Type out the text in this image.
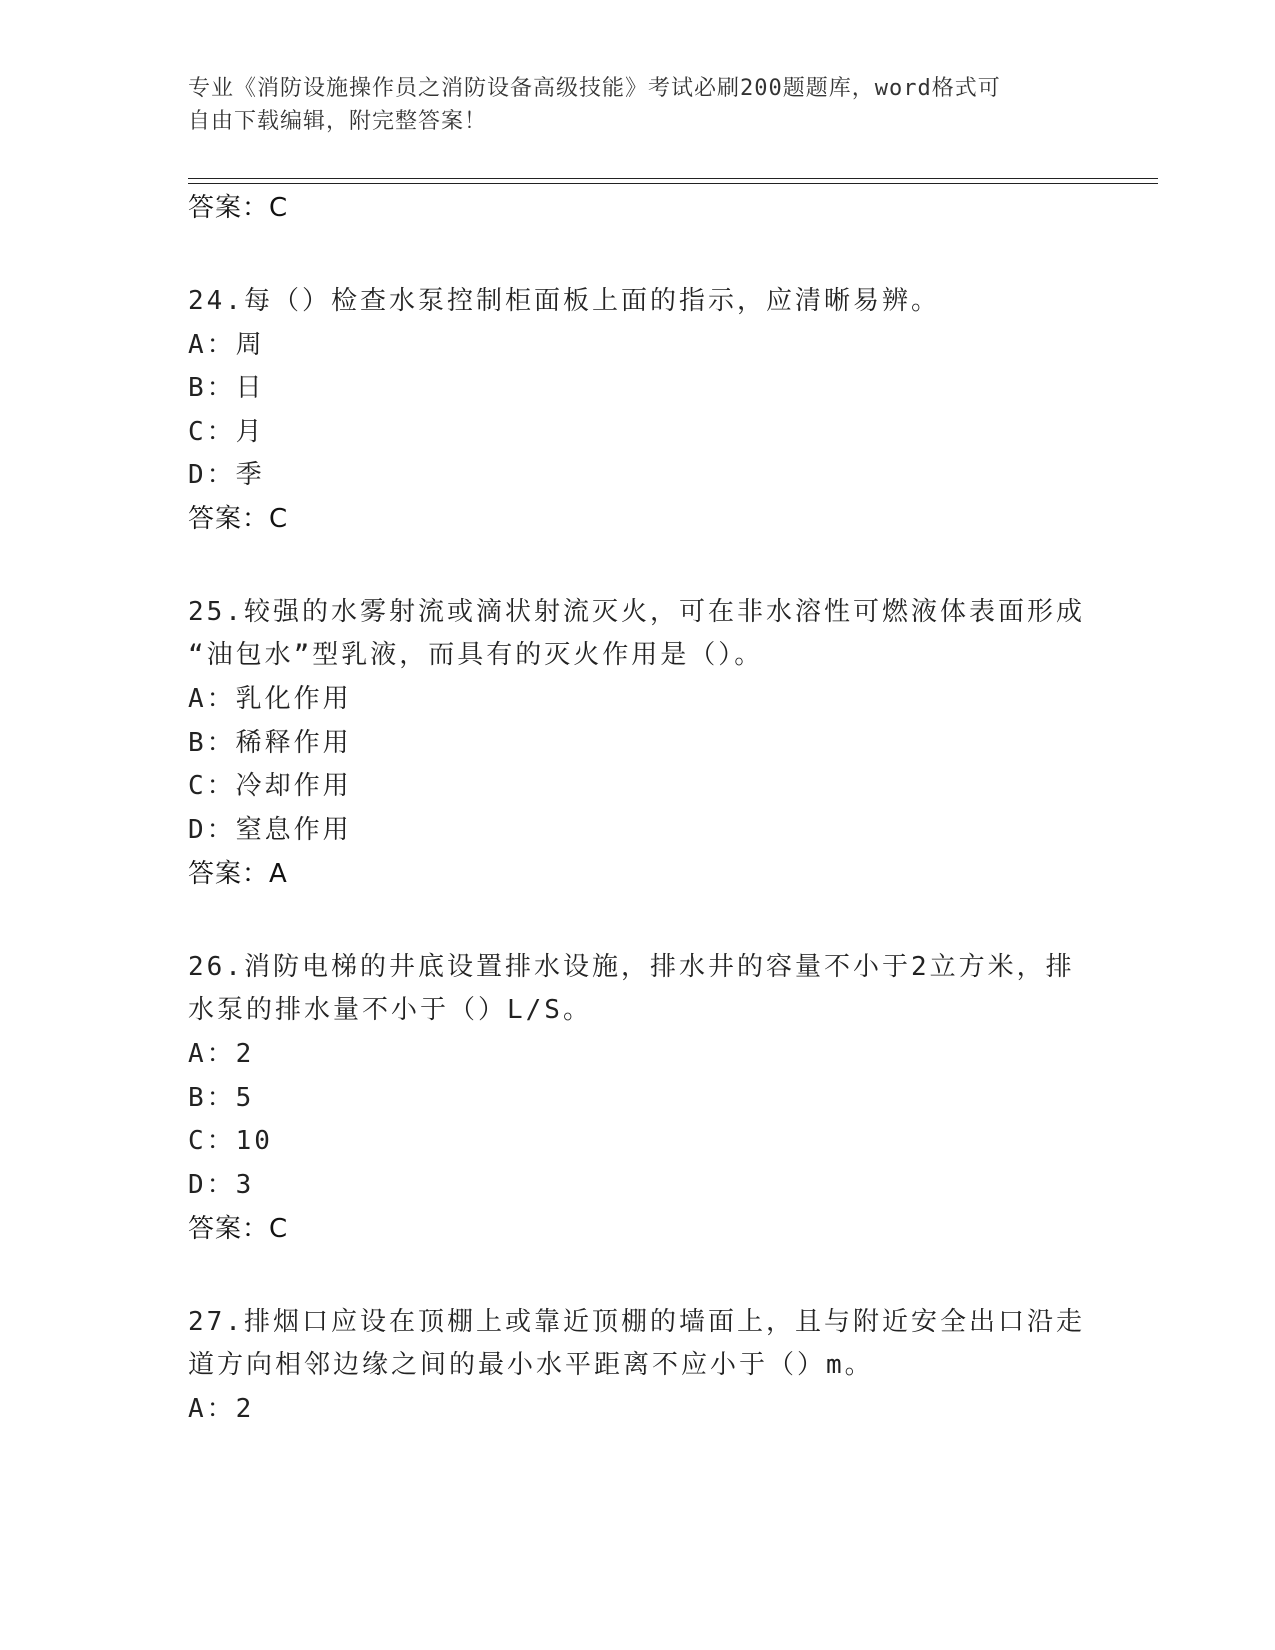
专业《消防设施操作员之消防设备高级技能》考试必刷200题题库，word格式可
自由下载编辑，附完整答案！
答案：C
24.每（）检查水泵控制柜面板上面的指示，应清晰易辨。
A：周
B：日
C：月
D：季
答案：C
25.较强的水雾射流或滴状射流灭火，可在非水溶性可燃液体表面形成
“油包水”型乳液，而具有的灭火作用是（）。
A：乳化作用
B：稀释作用
C：冷却作用
D：窒息作用
答案：A
26.消防电梯的井底设置排水设施，排水井的容量不小于2立方米，排
水泵的排水量不小于（）L/S。
A：2
B：5
C：10
D：3
答案：C
27.排烟口应设在顶棚上或靠近顶棚的墙面上，且与附近安全出口沿走
道方向相邻边缘之间的最小水平距离不应小于（）m。
A：2
